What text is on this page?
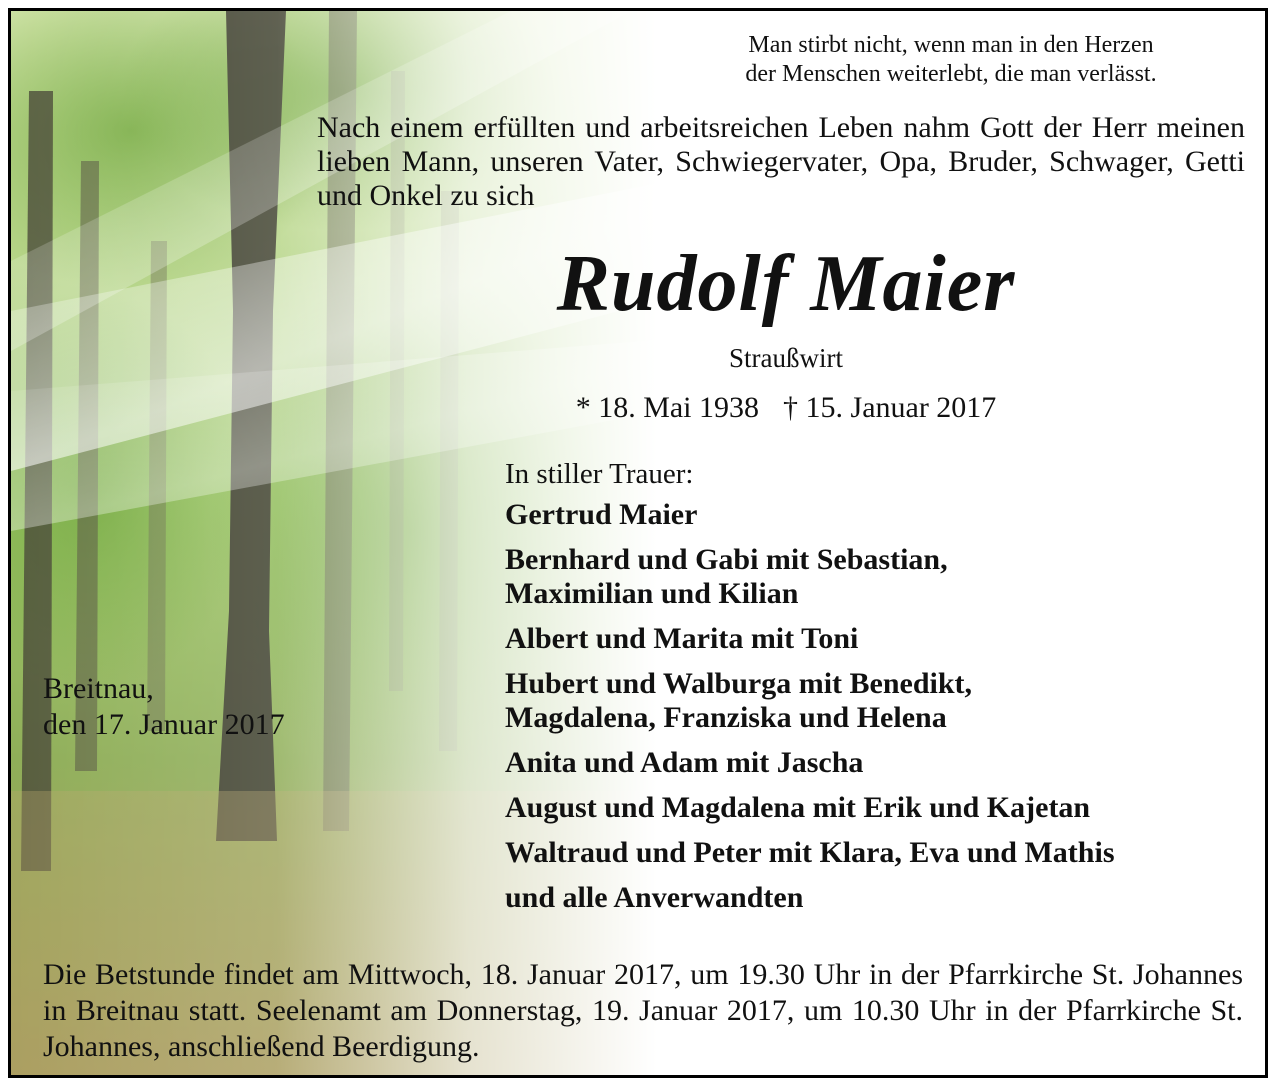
Man stirbt nicht, wenn man in den Herzen
der Menschen weiterlebt, die man verlässt.
Nach einem erfüllten und arbeitsreichen Leben nahm Gott der Herr meinen lieben Mann, unseren Vater, Schwiegervater, Opa, Bruder, Schwager, Getti und Onkel zu sich
Rudolf Maier
Straußwirt
* 18. Mai 1938 † 15. Januar 2017
In stiller Trauer:
Gertrud Maier
Bernhard und Gabi mit Sebastian,
Maximilian und Kilian
Albert und Marita mit Toni
Hubert und Walburga mit Benedikt,
Magdalena, Franziska und Helena
Anita und Adam mit Jascha
August und Magdalena mit Erik und Kajetan
Waltraud und Peter mit Klara, Eva und Mathis
und alle Anverwandten
Breitnau,
den 17. Januar 2017
Die Betstunde findet am Mittwoch, 18. Januar 2017, um 19.30 Uhr in der Pfarrkirche St. Johannes in Breitnau statt. Seelenamt am Donnerstag, 19. Januar 2017, um 10.30 Uhr in der Pfarrkirche St. Johannes, anschließend Beerdigung.
